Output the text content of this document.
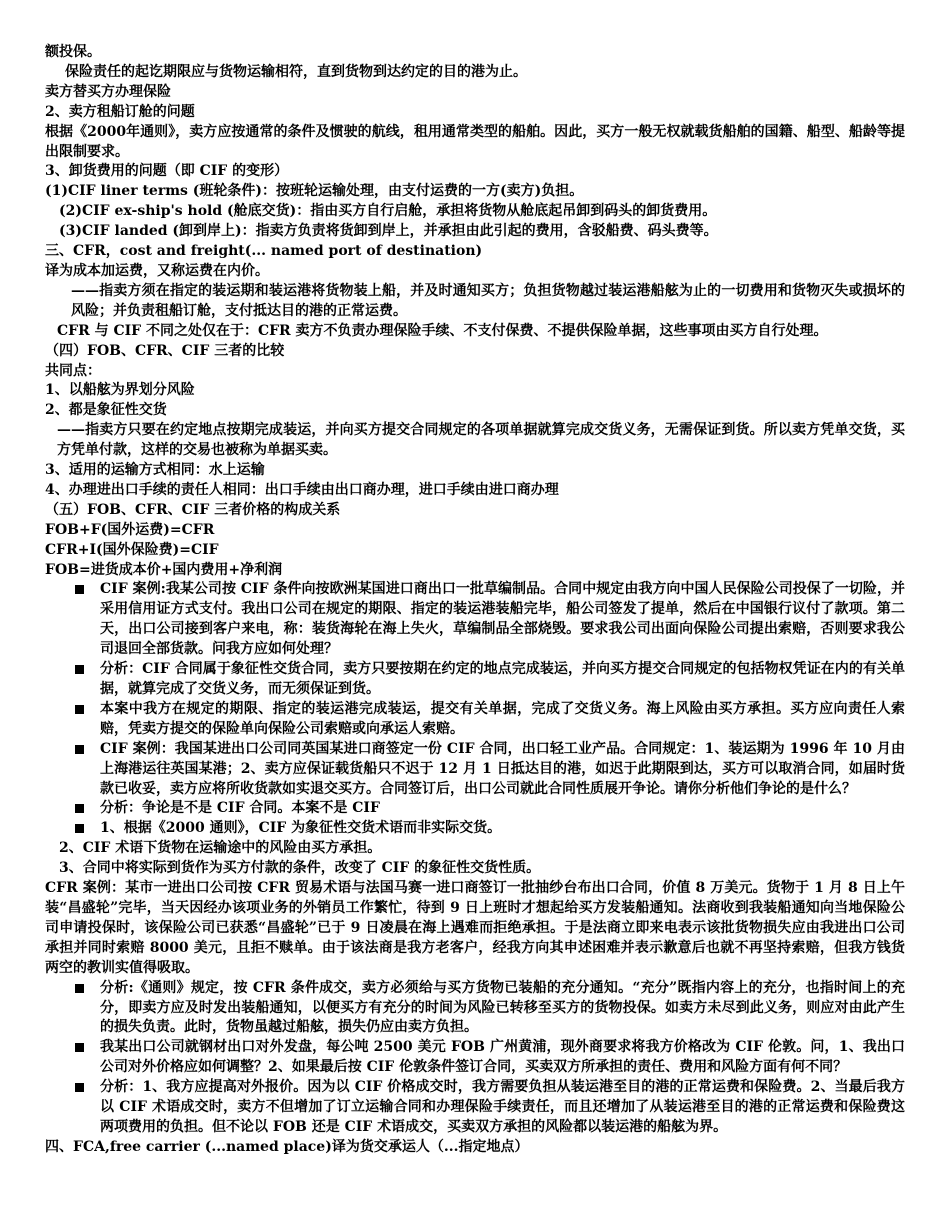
额投保。

保险责任的起讫期限应与货物运输相符，直到货物到达约定的目的港为止。

卖方替买方办理保险

2、卖方租船订舱的问题

根据《2000年通则》，卖方应按通常的条件及惯驶的航线，租用通常类型的船舶。因此，买方一般无权就载货船舶的国籍、船型、船龄等提出限制要求。

3、卸货费用的问题（即 CIF 的变形）

(1)CIF liner terms (班轮条件)：按班轮运输处理，由支付运费的一方(卖方)负担。

(2)CIF ex-ship's hold (舱底交货)：指由买方自行启舱，承担将货物从舱底起吊卸到码头的卸货费用。

(3)CIF landed (卸到岸上)：指卖方负责将货卸到岸上，并承担由此引起的费用，含驳船费、码头费等。

三、CFR，cost and freight(... named port of destination)

译为成本加运费，又称运费在内价。

——指卖方须在指定的装运期和装运港将货物装上船，并及时通知买方；负担货物越过装运港船舷为止的一切费用和货物灭失或损坏的风险；并负责租船订舱，支付抵达目的港的正常运费。

CFR 与 CIF 不同之处仅在于：CFR 卖方不负责办理保险手续、不支付保费、不提供保险单据，这些事项由买方自行处理。

（四）FOB、CFR、CIF 三者的比较

共同点：

1、以船舷为界划分风险

2、都是象征性交货

——指卖方只要在约定地点按期完成装运，并向买方提交合同规定的各项单据就算完成交货义务，无需保证到货。所以卖方凭单交货，买方凭单付款，这样的交易也被称为单据买卖。

3、适用的运输方式相同：水上运输

4、办理进出口手续的责任人相同：出口手续由出口商办理，进口手续由进口商办理

（五）FOB、CFR、CIF 三者价格的构成关系

FOB+F(国外运费)=CFR

CFR+I(国外保险费)=CIF

FOB=进货成本价+国内费用+净利润

CIF 案例:我某公司按 CIF 条件向按欧洲某国进口商出口一批草编制品。合同中规定由我方向中国人民保险公司投保了一切险，并采用信用证方式支付。我出口公司在规定的期限、指定的装运港装船完毕，船公司签发了提单，然后在中国银行议付了款项。第二天，出口公司接到客户来电，称：装货海轮在海上失火，草编制品全部烧毁。要求我公司出面向保险公司提出索赔，否则要求我公司退回全部货款。问我方应如何处理？
分析：CIF 合同属于象征性交货合同，卖方只要按期在约定的地点完成装运，并向买方提交合同规定的包括物权凭证在内的有关单据，就算完成了交货义务，而无须保证到货。
本案中我方在规定的期限、指定的装运港完成装运，提交有关单据，完成了交货义务。海上风险由买方承担。买方应向责任人索赔，凭卖方提交的保险单向保险公司索赔或向承运人索赔。
CIF 案例：我国某进出口公司同英国某进口商签定一份 CIF 合同，出口轻工业产品。合同规定：1、装运期为 1996 年 10 月由上海港运往英国某港；2、卖方应保证载货船只不迟于 12 月 1 日抵达目的港，如迟于此期限到达，买方可以取消合同，如届时货款已收妥，卖方应将所收货款如实退交买方。合同签订后，出口公司就此合同性质展开争论。请你分析他们争论的是什么？
分析：争论是不是 CIF 合同。本案不是 CIF
1、根据《2000 通则》，CIF 为象征性交货术语而非实际交货。

2、CIF 术语下货物在运输途中的风险由买方承担。

3、合同中将实际到货作为买方付款的条件，改变了 CIF 的象征性交货性质。

CFR 案例：某市一进出口公司按 CFR 贸易术语与法国马赛一进口商签订一批抽纱台布出口合同，价值 8 万美元。货物于 1 月 8 日上午装“昌盛轮”完毕，当天因经办该项业务的外销员工作繁忙，待到 9 日上班时才想起给买方发装船通知。法商收到我装船通知向当地保险公司申请投保时，该保险公司已获悉“昌盛轮”已于 9 日凌晨在海上遇难而拒绝承担。于是法商立即来电表示该批货物损失应由我进出口公司承担并同时索赔 8000 美元，且拒不赎单。由于该法商是我方老客户，经我方向其申述困难并表示歉意后也就不再坚持索赔，但我方钱货两空的教训实值得吸取。

分析:《通则》规定，按 CFR 条件成交，卖方必须给与买方货物已装船的充分通知。“充分”既指内容上的充分，也指时间上的充分，即卖方应及时发出装船通知，以便买方有充分的时间为风险已转移至买方的货物投保。如卖方未尽到此义务，则应对由此产生的损失负责。此时，货物虽越过船舷，损失仍应由卖方负担。
我某出口公司就钢材出口对外发盘，每公吨 2500 美元 FOB 广州黄浦，现外商要求将我方价格改为 CIF 伦敦。问，1、我出口公司对外价格应如何调整？2、如果最后按 CIF 伦敦条件签订合同，买卖双方所承担的责任、费用和风险方面有何不同？
分析：1、我方应提高对外报价。因为以 CIF 价格成交时，我方需要负担从装运港至目的港的正常运费和保险费。2、当最后我方以 CIF 术语成交时，卖方不但增加了订立运输合同和办理保险手续责任，而且还增加了从装运港至目的港的正常运费和保险费这两项费用的负担。但不论以 FOB 还是 CIF 术语成交，买卖双方承担的风险都以装运港的船舷为界。

四、FCA,free carrier (...named place)译为货交承运人（...指定地点）
